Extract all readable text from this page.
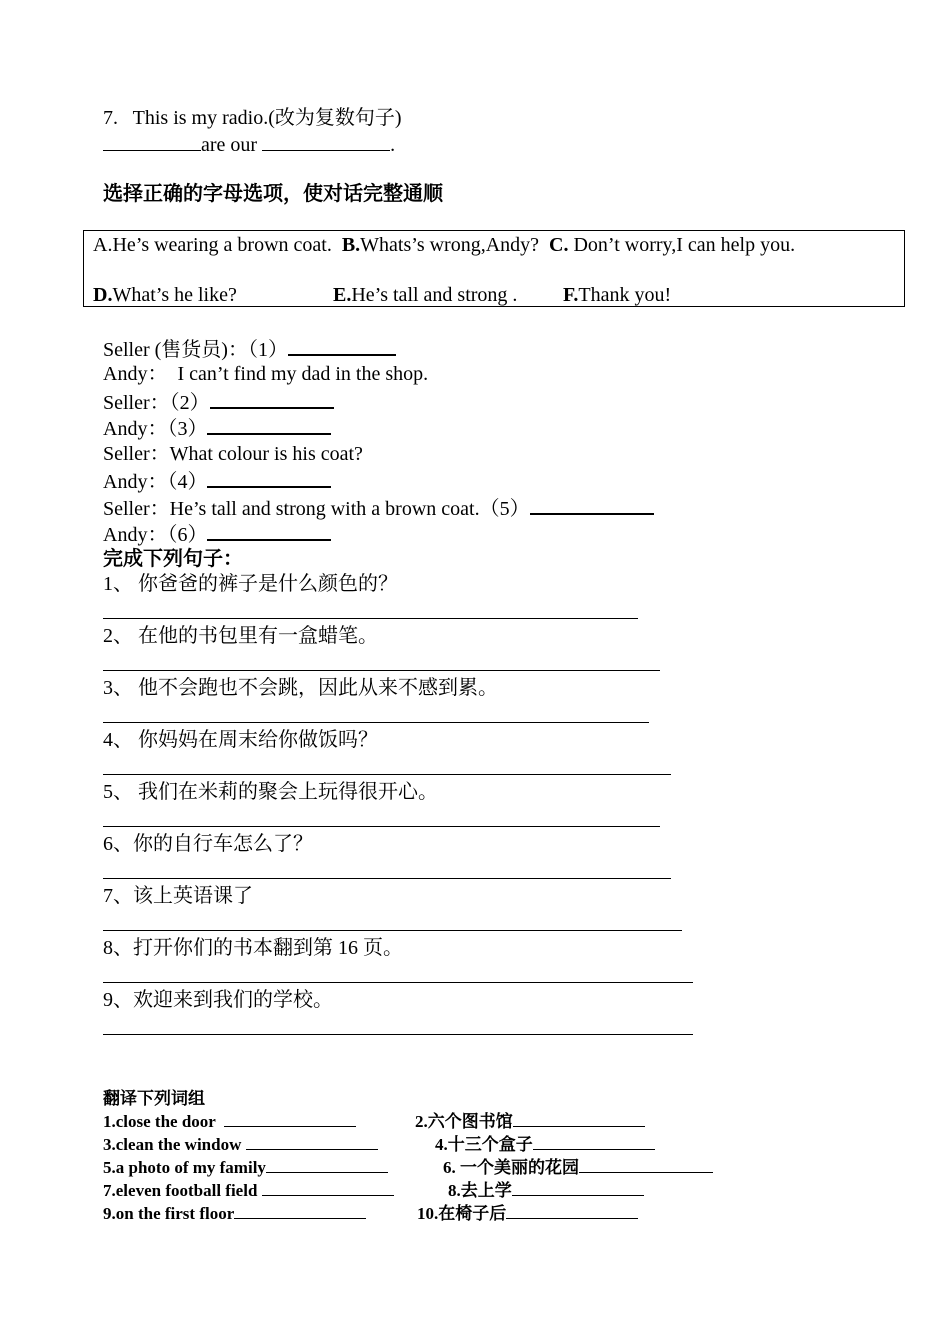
7. This is my radio.(改为复数句子)
are our	.
选择正确的字母选项，使对话完整通顺
A.He’s wearing a brown coat. B.Whats’s wrong,Andy? C. Don’t worry,I can help you.
D.What’s he like?	E.He’s tall and strong . F.Thank you!
Seller (售货员)：（1）
Andy：  I can’t find my dad in the shop.
Seller：（2）
Andy：（3）
Seller：What colour is his coat?
Andy：（4）
Seller：He’s tall and strong with a brown coat.（5）
Andy：（6）
完成下列句子：
1、 你爸爸的裤子是什么颜色的？
2、 在他的书包里有一盒蜡笔。
3、 他不会跑也不会跳，因此从来不感到累。
4、 你妈妈在周末给你做饭吗？
5、 我们在米莉的聚会上玩得很开心。
6、你的自行车怎么了？
7、该上英语课了
8、打开你们的书本翻到第 16 页。
9、欢迎来到我们的学校。
翻译下列词组
1.close the door	2.六个图书馆
3.clean the window	4.十三个盒子
5.a photo of my family	6. 一个美丽的花园
7.eleven football field	8.去上学
9.on the first floor	10.在椅子后
